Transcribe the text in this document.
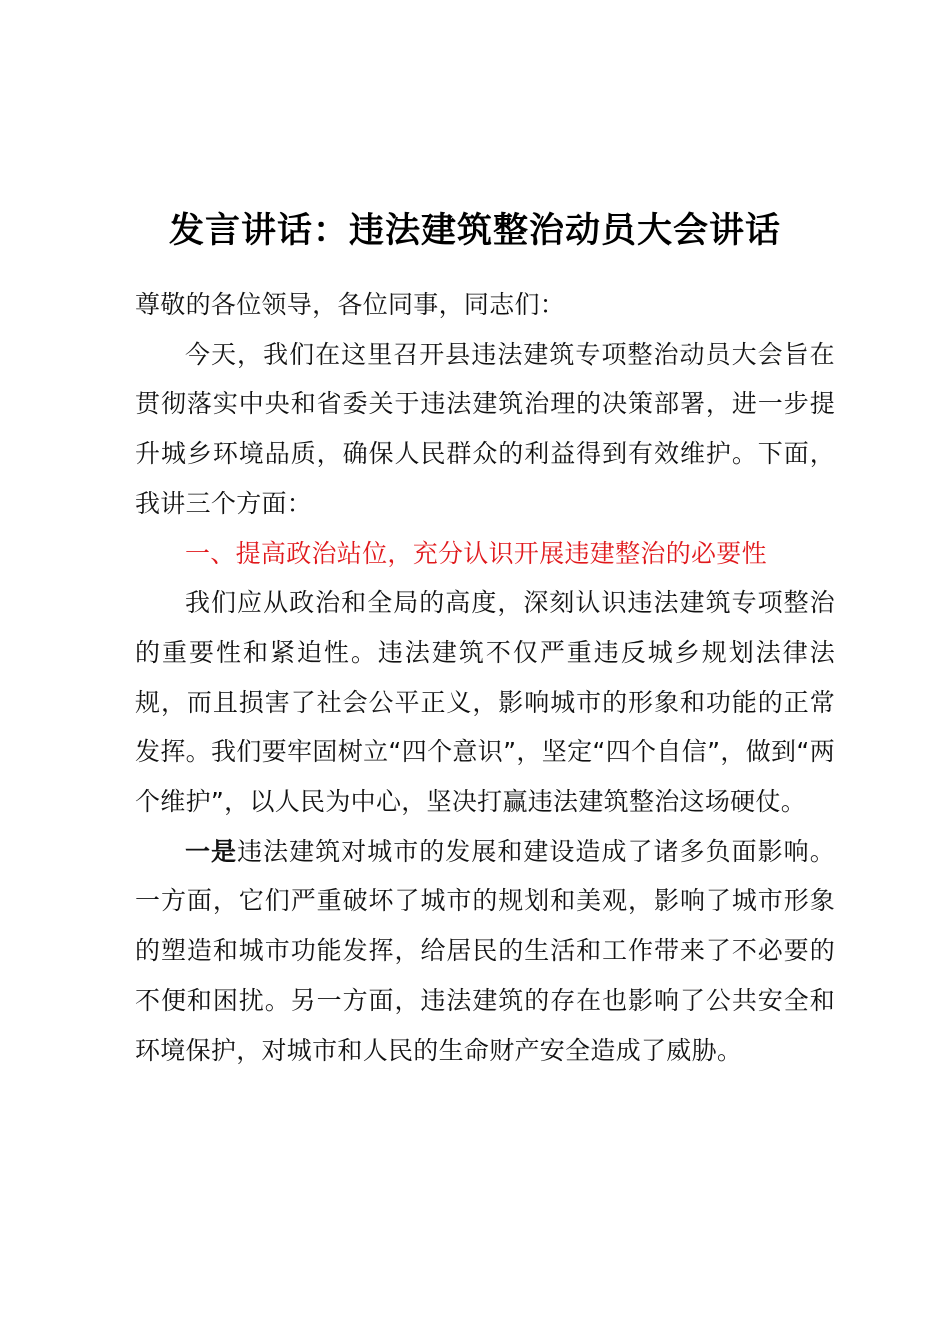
发言讲话：违法建筑整治动员大会讲话

尊敬的各位领导，各位同事，同志们：

今天，我们在这里召开县违法建筑专项整治动员大会旨在贯彻落实中央和省委关于违法建筑治理的决策部署，进一步提升城乡环境品质，确保人民群众的利益得到有效维护。下面，我讲三个方面：

一、提高政治站位，充分认识开展违建整治的必要性

我们应从政治和全局的高度，深刻认识违法建筑专项整治的重要性和紧迫性。违法建筑不仅严重违反城乡规划法律法规，而且损害了社会公平正义，影响城市的形象和功能的正常发挥。我们要牢固树立“四个意识”，坚定“四个自信”，做到“两个维护”，以人民为中心，坚决打赢违法建筑整治这场硬仗。

一是违法建筑对城市的发展和建设造成了诸多负面影响。一方面，它们严重破坏了城市的规划和美观，影响了城市形象的塑造和城市功能发挥，给居民的生活和工作带来了不必要的不便和困扰。另一方面，违法建筑的存在也影响了公共安全和环境保护，对城市和人民的生命财产安全造成了威胁。
